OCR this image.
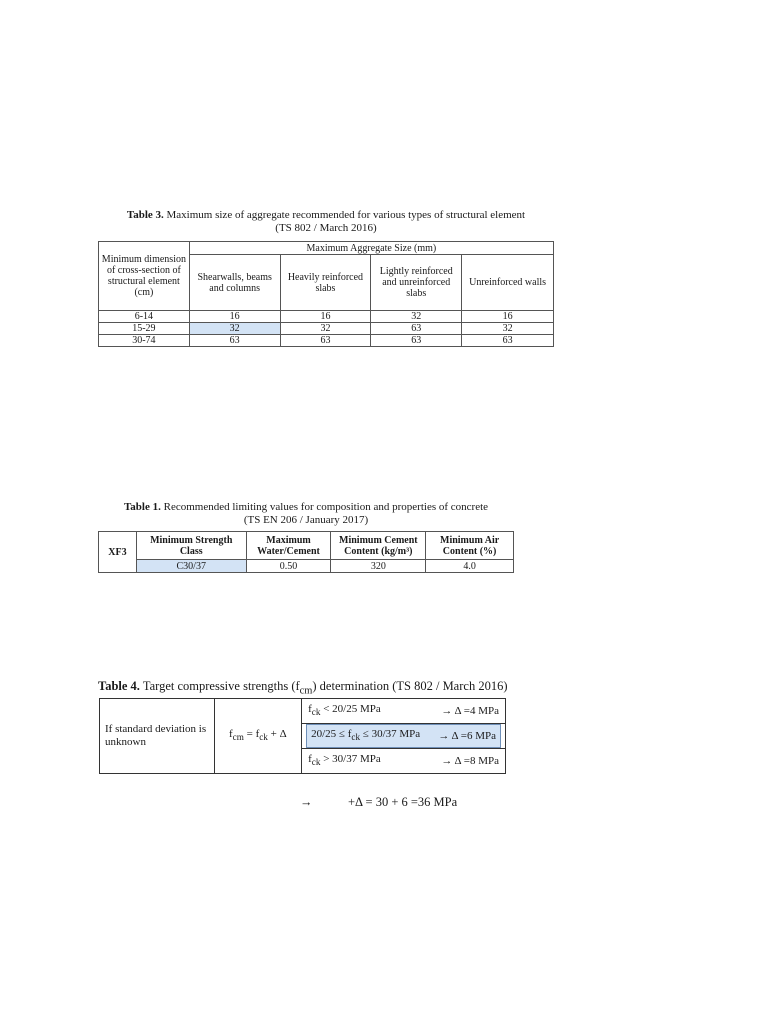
Table 3. Maximum size of aggregate recommended for various types of structural element
(TS 802 / March 2016)
Minimum dimension of cross-section of structural element (cm)	Maximum Aggregate Size (mm)			
	Shearwalls, beams and columns	Heavily reinforced slabs	Lightly reinforced and unreinforced slabs	Unreinforced walls
6-14	16	16	32	16
15-29	32	32	63	32
30-74	63	63	63	63
Table 1. Recommended limiting values for composition and properties of concrete
(TS EN 206 / January 2017)
XF3	Minimum Strength Class	Maximum Water/Cement	Minimum Cement Content (kg/m³)	Minimum Air Content (%)
	C30/37	0.50	320	4.0
Table 4. Target compressive strengths $(f_{cm})$ determination (TS 802 / March 2016)
If standard deviation is unknown	$f_{cm} = f_{ck} + \Delta$	
$f_{ck} < 20/25$ MPa	→ Δ =4 MPa

$20/25 \le f_{ck} \le 30/37$ MPa → Δ =6 MPa

$f_{ck} > 30/37$ MPa	→ Δ =8 MPa
→	+Δ = 30 + 6 =36 MPa
